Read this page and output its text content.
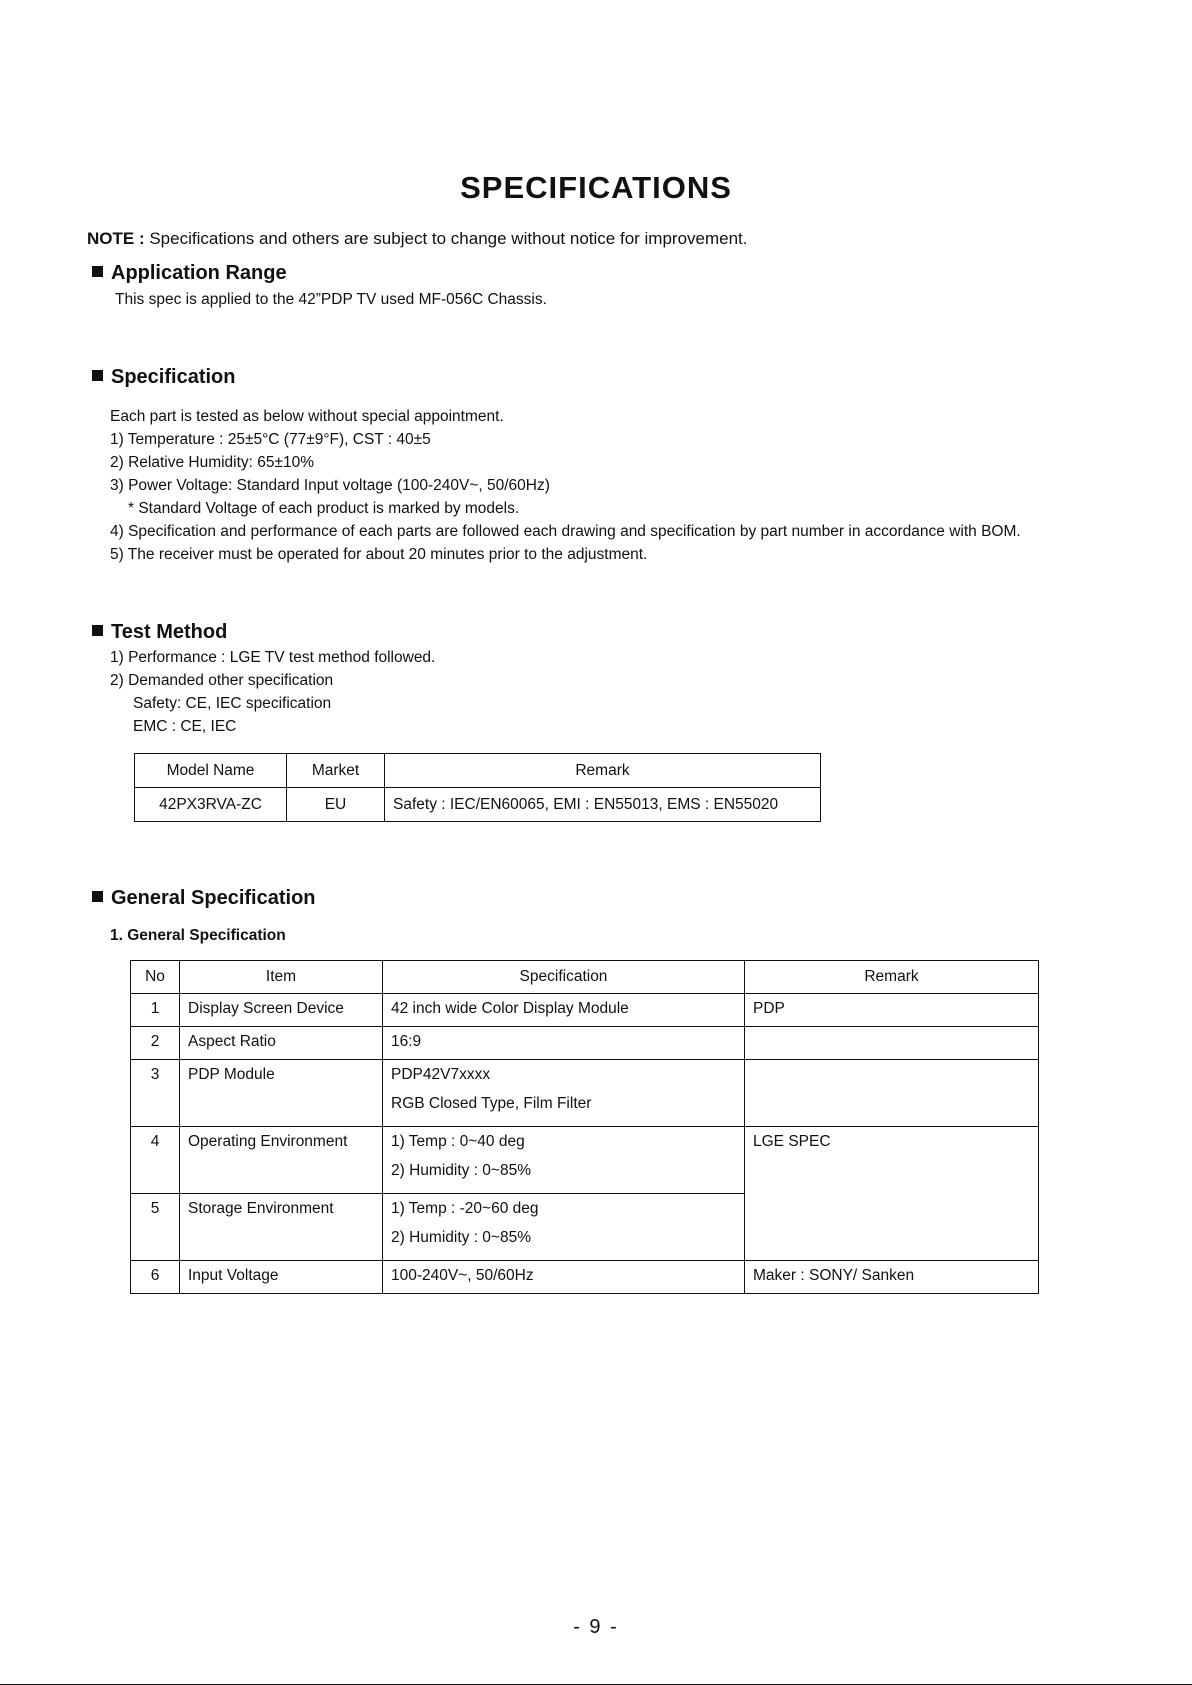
SPECIFICATIONS
NOTE : Specifications and others are subject to change without notice for improvement.
Application Range
This spec is applied to the 42”PDP TV used MF-056C Chassis.
Specification
Each part is tested as below without special appointment.
1) Temperature : 25±5°C (77±9°F), CST : 40±5
2) Relative Humidity: 65±10%
3) Power Voltage: Standard Input voltage (100-240V~, 50/60Hz)
* Standard Voltage of each product is marked by models.
4) Specification and performance of each parts are followed each drawing and specification by part number in accordance with BOM.
5) The receiver must be operated for about 20 minutes prior to the adjustment.
Test Method
1) Performance : LGE TV test method followed.
2) Demanded other specification
Safety: CE, IEC specification
EMC : CE, IEC
Model Name	Market	Remark
42PX3RVA-ZC	EU	Safety : IEC/EN60065, EMI : EN55013, EMS : EN55020
General Specification
1. General Specification
No	Item	Specification	Remark
1	Display Screen Device	42 inch wide Color Display Module	PDP
2	Aspect Ratio	16:9	
3	PDP Module	PDP42V7xxxx
RGB Closed Type, Film Filter	

4	Operating Environment	1) Temp : 0~40 deg
2) Humidity : 0~85%	LGE SPEC
5	Storage Environment	1) Temp : -20~60 deg
2) Humidity : 0~85%	

6	Input Voltage	100-240V~, 50/60Hz	Maker : SONY/ Sanken
- 9 -
